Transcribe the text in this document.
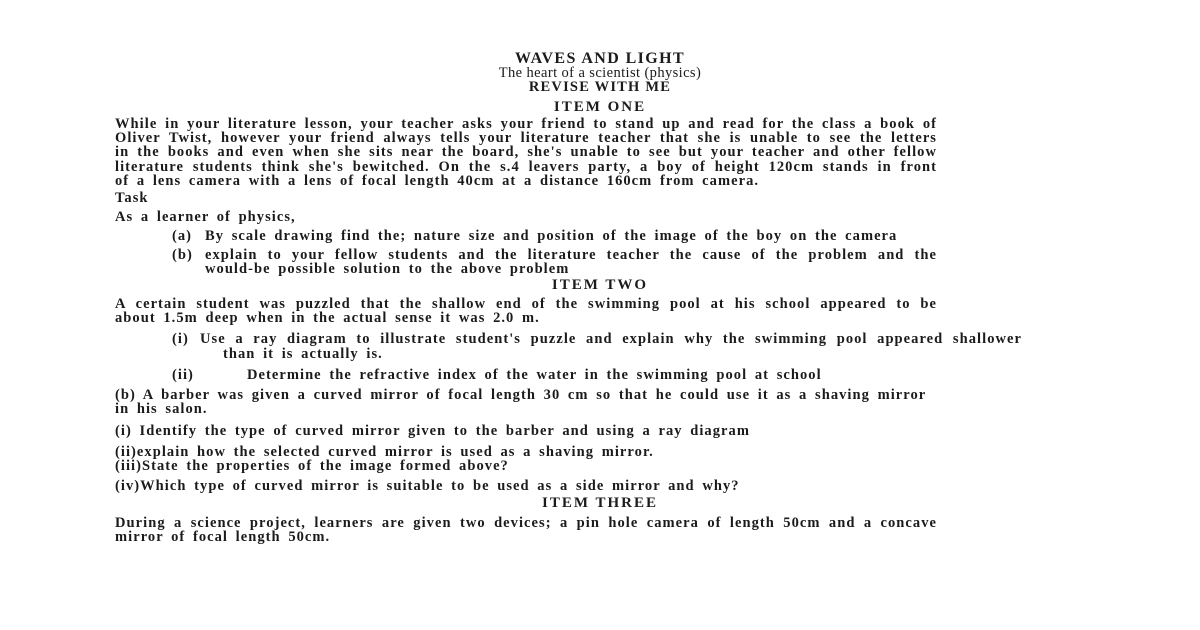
WAVES AND LIGHT
The heart of a scientist (physics)
REVISE WITH ME
ITEM ONE

While in your literature lesson, your teacher asks your friend to stand up and read for the class a book of Oliver Twist, however your friend always tells your literature teacher that she is unable to see the letters in the books and even when she sits near the board, she's unable to see but your teacher and other fellow literature students think she's bewitched. On the s.4 leavers party, a boy of height 120cm stands in front of a lens camera with a lens of focal length 40cm at a distance 160cm from camera.

Task

As a learner of physics,

(a) By scale drawing find the; nature size and position of the image of the boy on the camera
(b) explain to your fellow students and the literature teacher the cause of the problem and the would-be possible solution to the above problem
ITEM TWO

A certain student was puzzled that the shallow end of the swimming pool at his school appeared to be about 1.5m deep when in the actual sense it was 2.0 m.

(i) Use a ray diagram to illustrate student's puzzle and explain why the swimming pool appeared shallower than it is actually is.
(ii)	Determine the refractive index of the water in the swimming pool at school

(b) A barber was given a curved mirror of focal length 30 cm so that he could use it as a shaving mirror in his salon.

(i) Identify the type of curved mirror given to the barber and using a ray diagram

(ii)explain how the selected curved mirror is used as a shaving mirror.

(iii)State the properties of the image formed above?

(iv)Which type of curved mirror is suitable to be used as a side mirror and why?

ITEM THREE

During a science project, learners are given two devices; a pin hole camera of length 50cm and a concave mirror of focal length 50cm.
